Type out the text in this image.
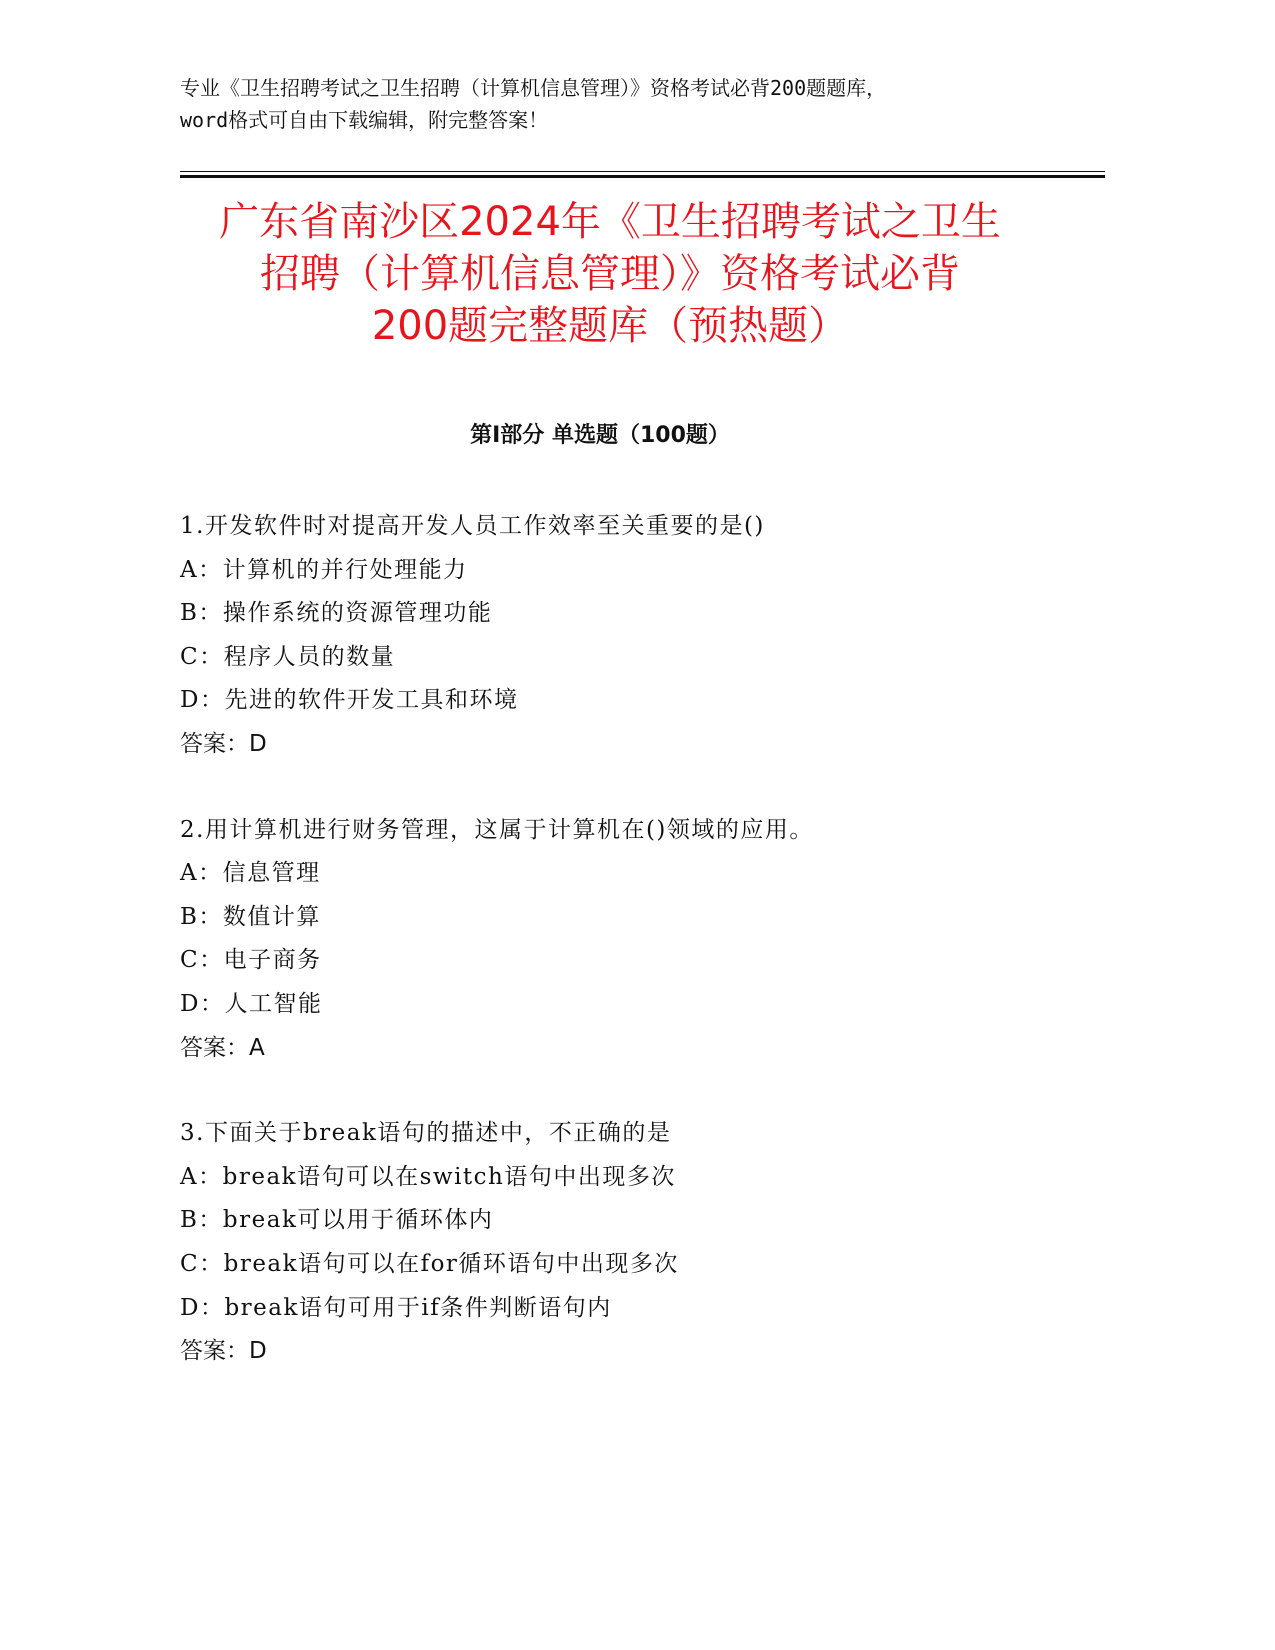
专业《卫生招聘考试之卫生招聘（计算机信息管理）》资格考试必背200题题库，
word格式可自由下载编辑，附完整答案！
广东省南沙区2024年《卫生招聘考试之卫生
招聘（计算机信息管理）》资格考试必背
200题完整题库（预热题）
第Ⅰ部分 单选题（100题）
1.开发软件时对提高开发人员工作效率至关重要的是()
A：计算机的并行处理能力
B：操作系统的资源管理功能
C：程序人员的数量
D：先进的软件开发工具和环境
答案：D
2.用计算机进行财务管理，这属于计算机在()领域的应用。
A：信息管理
B：数值计算
C：电子商务
D：人工智能
答案：A
3.下面关于break语句的描述中，不正确的是
A：break语句可以在switch语句中出现多次
B：break可以用于循环体内
C：break语句可以在for循环语句中出现多次
D：break语句可用于if条件判断语句内
答案：D
